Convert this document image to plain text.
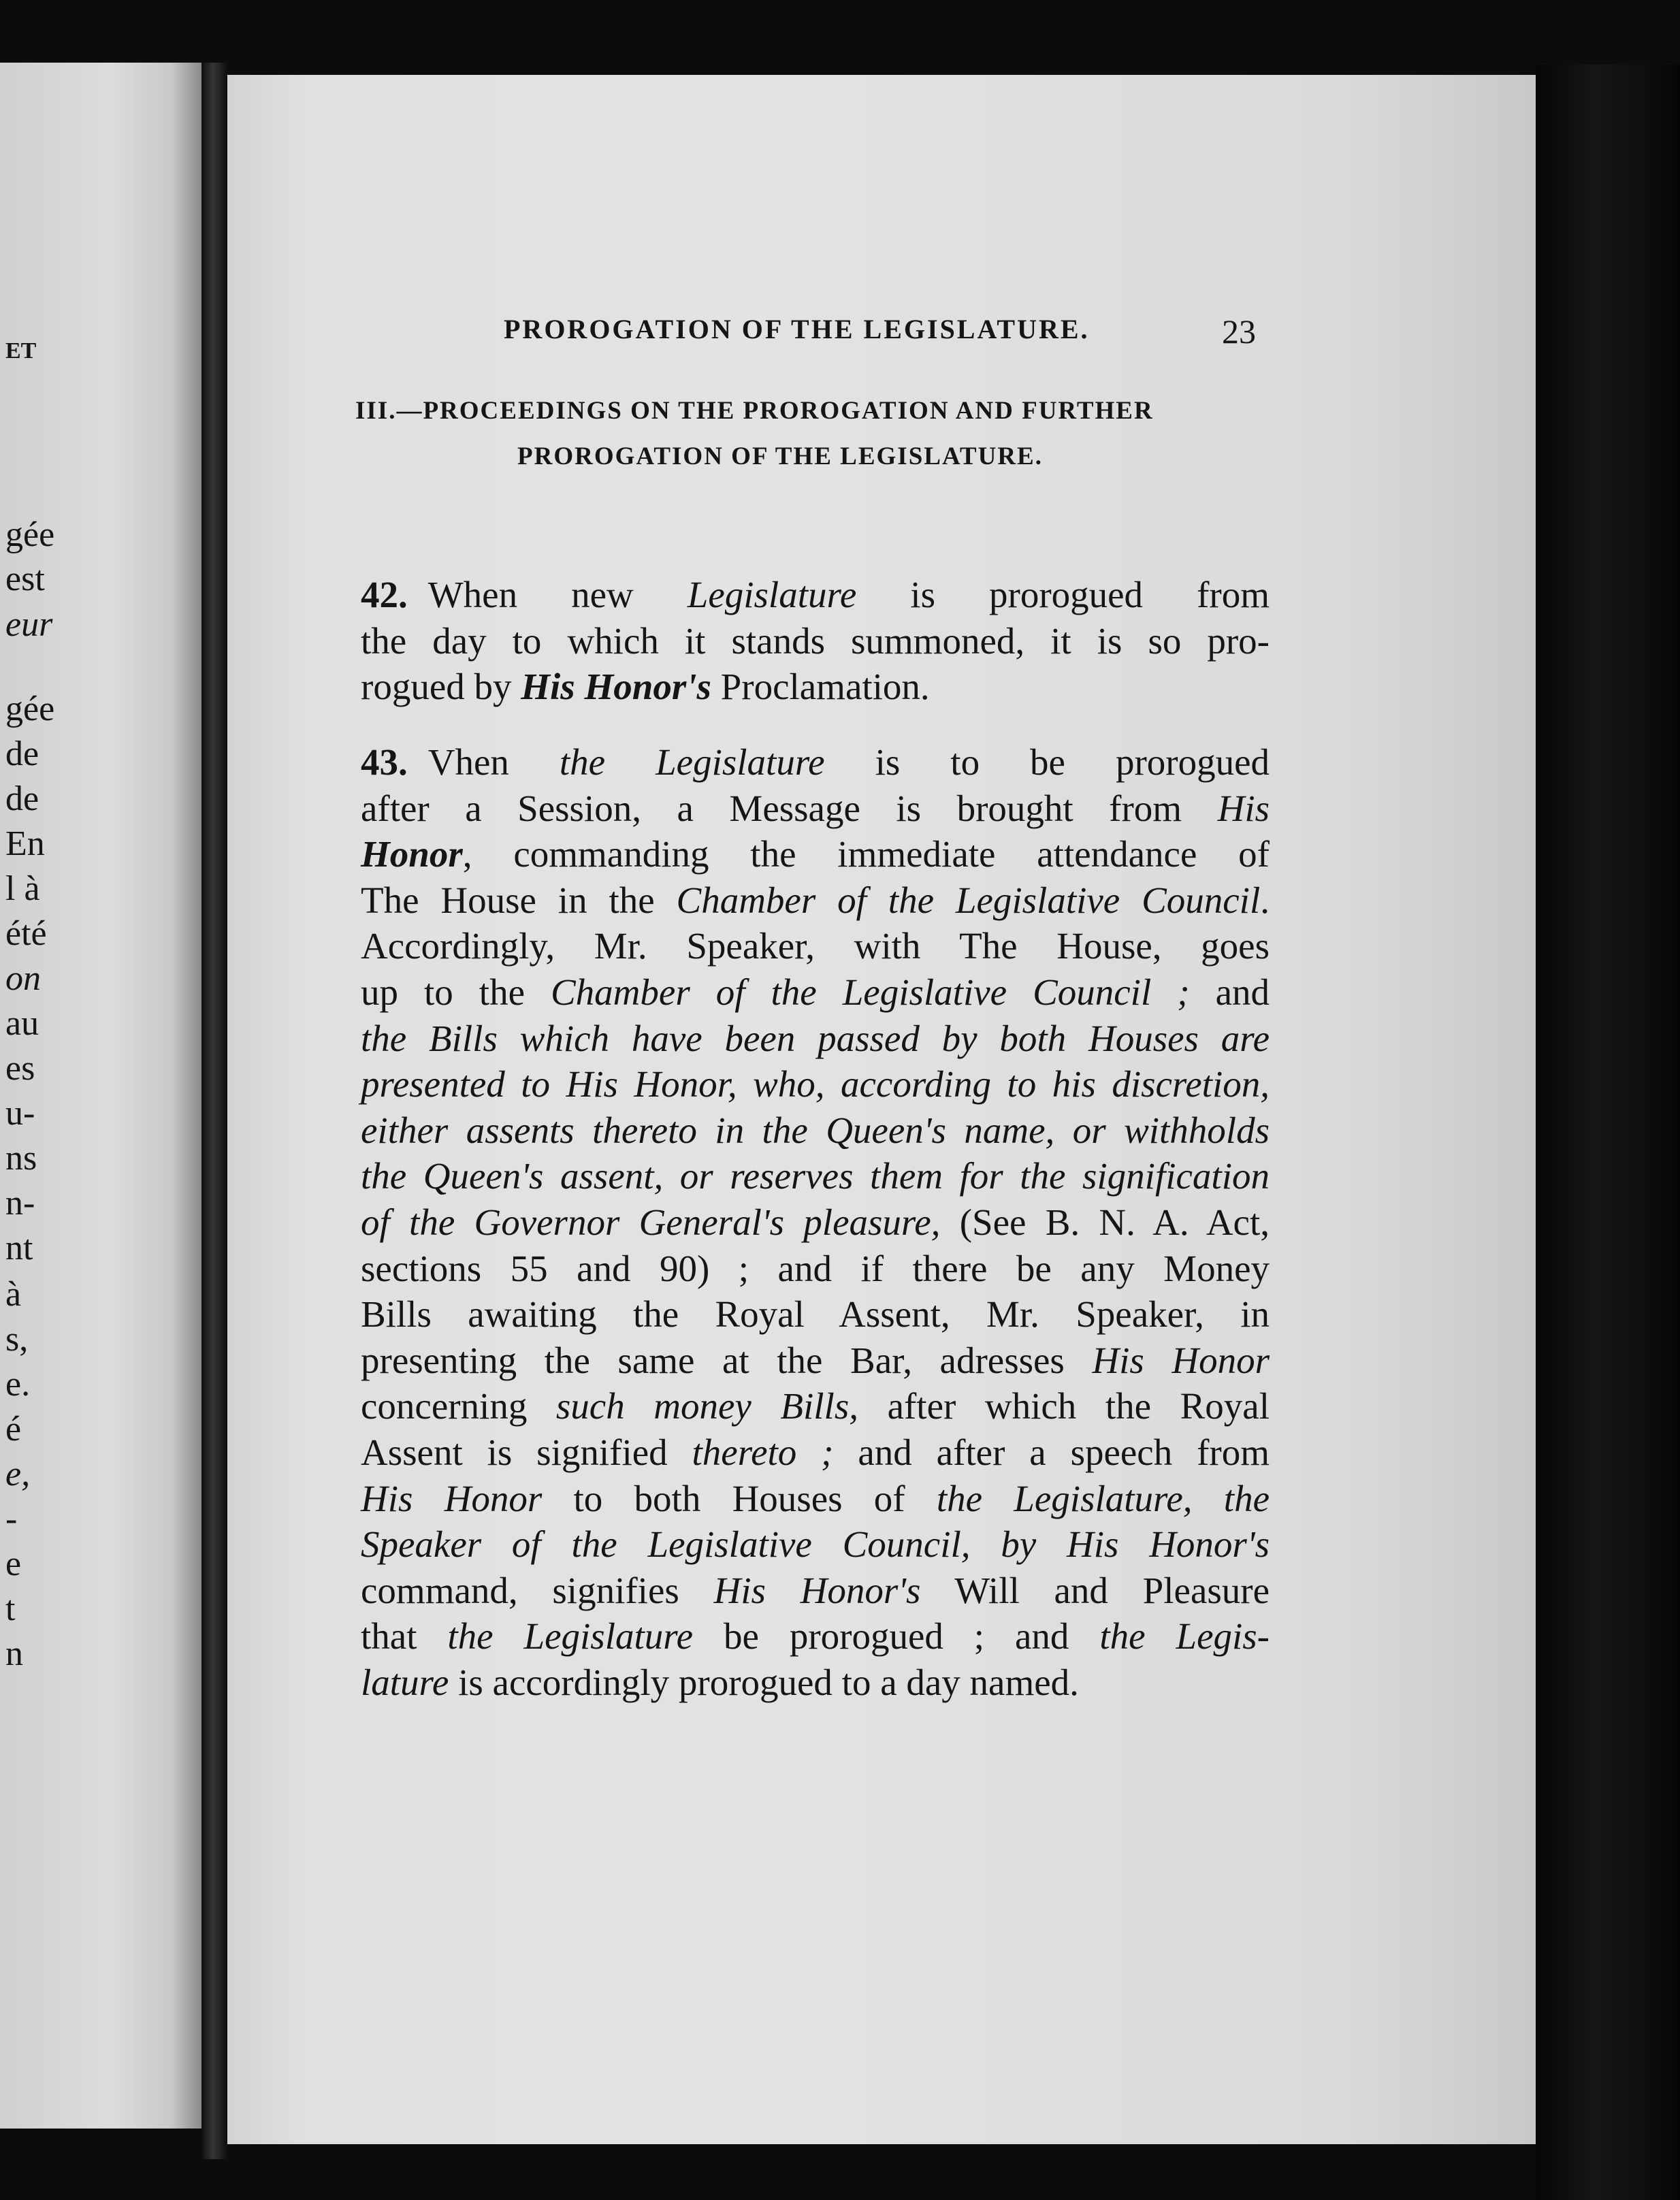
ET
gée
est
eur
gée
de
de
En
l à
été
on
au
es
u-
ns
n-
nt
à
s,
e.
é
e,
-
e
t
n
PROROGATION OF THE LEGISLATURE.	23
III.—PROCEEDINGS ON THE PROROGATION AND FURTHER
PROROGATION OF THE LEGISLATURE.
42. When new Legislature is prorogued from
the day to which it stands summoned, it is so pro-
rogued by His Honor's Proclamation.
43. Vhen the Legislature is to be prorogued
after a Session, a Message is brought from His
Honor, commanding the immediate attendance of
The House in the Chamber of the Legislative Council.
Accordingly, Mr. Speaker, with The House, goes
up to the Chamber of the Legislative Council ; and
the Bills which have been passed by both Houses are
presented to His Honor, who, according to his discretion,
either assents thereto in the Queen's name, or withholds
the Queen's assent, or reserves them for the signification
of the Governor General's pleasure, (See B. N. A. Act,
sections 55 and 90) ; and if there be any Money
Bills awaiting the Royal Assent, Mr. Speaker, in
presenting the same at the Bar, adresses His Honor
concerning such money Bills, after which the Royal
Assent is signified thereto ; and after a speech from
His Honor to both Houses of the Legislature, the
Speaker of the Legislative Council, by His Honor's
command, signifies His Honor's Will and Pleasure
that the Legislature be prorogued ; and the Legis-
lature is accordingly prorogued to a day named.
